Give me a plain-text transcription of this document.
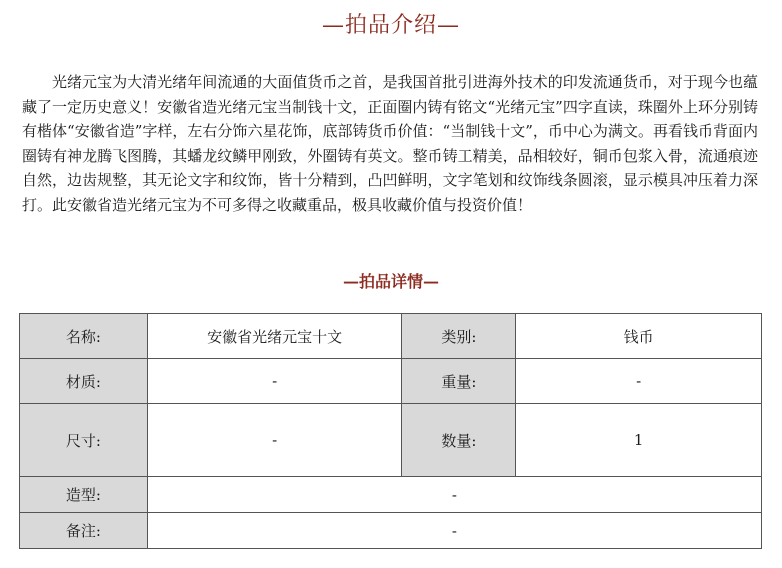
—拍品介绍—

光绪元宝为大清光绪年间流通的大面值货币之首，是我国首批引进海外技术的印发流通货币，对于现今也蕴藏了一定历史意义！安徽省造光绪元宝当制钱十文，正面圈内铸有铭文“光绪元宝”四字直读，珠圈外上环分别铸有楷体“安徽省造”字样，左右分饰六星花饰，底部铸货币价值：“当制钱十文”，币中心为满文。再看钱币背面内圈铸有神龙腾飞图腾，其蟠龙纹鳞甲刚致，外圈铸有英文。整币铸工精美，品相较好，铜币包浆入骨，流通痕迹自然，边齿规整，其无论文字和纹饰，皆十分精到，凸凹鲜明，文字笔划和纹饰线条圆滚，显示模具冲压着力深打。此安徽省造光绪元宝为不可多得之收藏重品，极具收藏价值与投资价值！

—拍品详情—
名称:	安徽省光绪元宝十文	类别:	钱币
材质:	-	重量:	-
尺寸:	-	数量:	1
造型:	-		
备注:	-		
